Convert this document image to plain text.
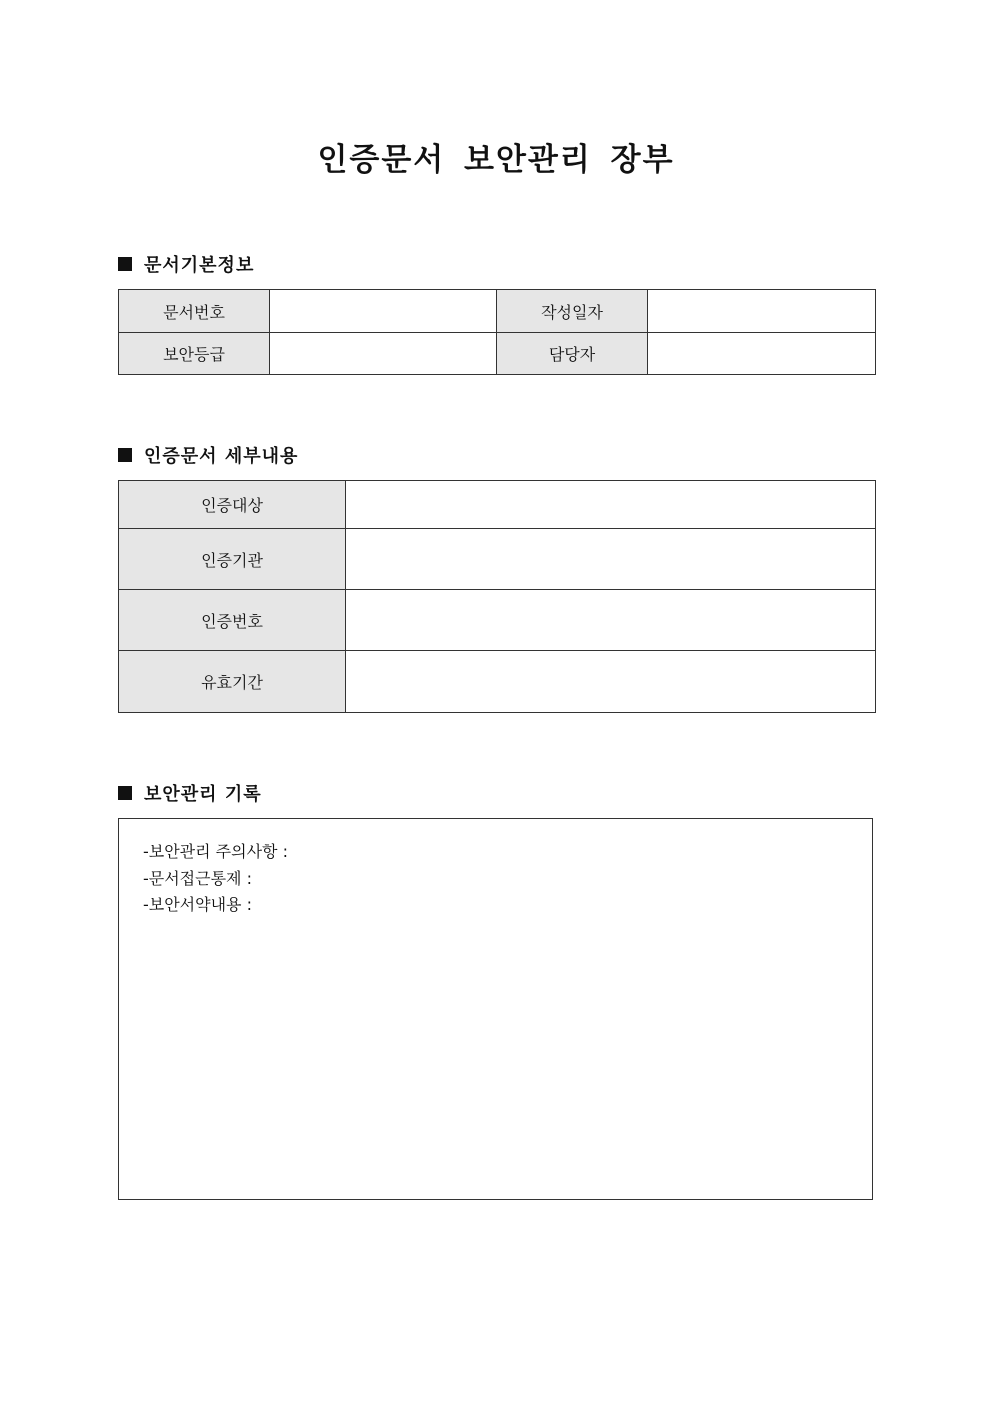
인증문서 보안관리 장부
문서기본정보
문서번호		작성일자	
보안등급		담당자	
인증문서 세부내용
인증대상	
인증기관	
인증번호	
유효기간	
보안관리 기록
-보안관리 주의사항 :
-문서접근통제 :
-보안서약내용 :
